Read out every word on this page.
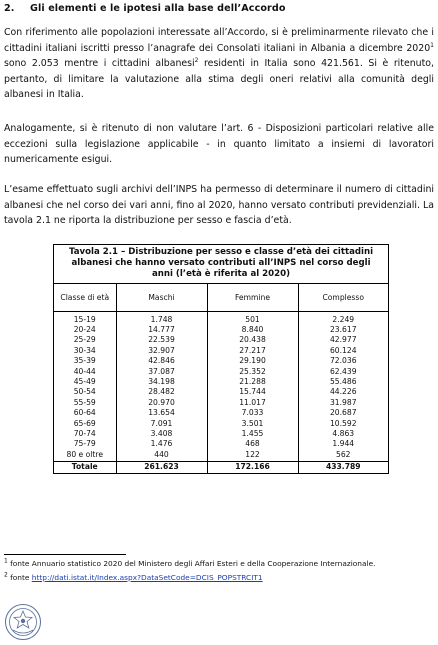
2. Gli elementi e le ipotesi alla base dell’Accordo

Con riferimento alle popolazioni interessate all’Accordo, si è preliminarmente rilevato che i cittadini italiani iscritti presso l’anagrafe dei Consolati italiani in Albania a dicembre 2020$^1$ sono 2.053 mentre i cittadini albanesi$^2$ residenti in Italia sono 421.561. Si è ritenuto, pertanto, di limitare la valutazione alla stima degli oneri relativi alla comunità degli albanesi in Italia.

Analogamente, si è ritenuto di non valutare l’art. 6 - Disposizioni particolari relative alle eccezioni sulla legislazione applicabile - in quanto limitato a insiemi di lavoratori numericamente esigui.

L’esame effettuato sugli archivi dell’INPS ha permesso di determinare il numero di cittadini albanesi che nel corso dei vari anni, fino al 2020, hanno versato contributi previdenziali. La tavola 2.1 ne riporta la distribuzione per sesso e fascia d’età.

Tavola 2.1 – Distribuzione per sesso e classe d’età dei cittadini albanesi che hanno versato contributi all’INPS nel corso degli anni (l’età è riferita al 2020)
Classe di età	Maschi	Femmine	Complesso
15-19	1.748	501	2.249
20-24	14.777	8.840	23.617
25-29	22.539	20.438	42.977
30-34	32.907	27.217	60.124
35-39	42.846	29.190	72.036
40-44	37.087	25.352	62.439
45-49	34.198	21.288	55.486
50-54	28.482	15.744	44.226
55-59	20.970	11.017	31.987
60-64	13.654	7.033	20.687
65-69	7.091	3.501	10.592
70-74	3.408	1.455	4.863
75-79	1.476	468	1.944
80 e oltre	440	122	562
Totale	261.623	172.166	433.789
$^1$ fonte Annuario statistico 2020 del Ministero degli Affari Esteri e della Cooperazione Internazionale.
$^2$ fonte http://dati.istat.it/Index.aspx?DataSetCode=DCIS_POPSTRCIT1
